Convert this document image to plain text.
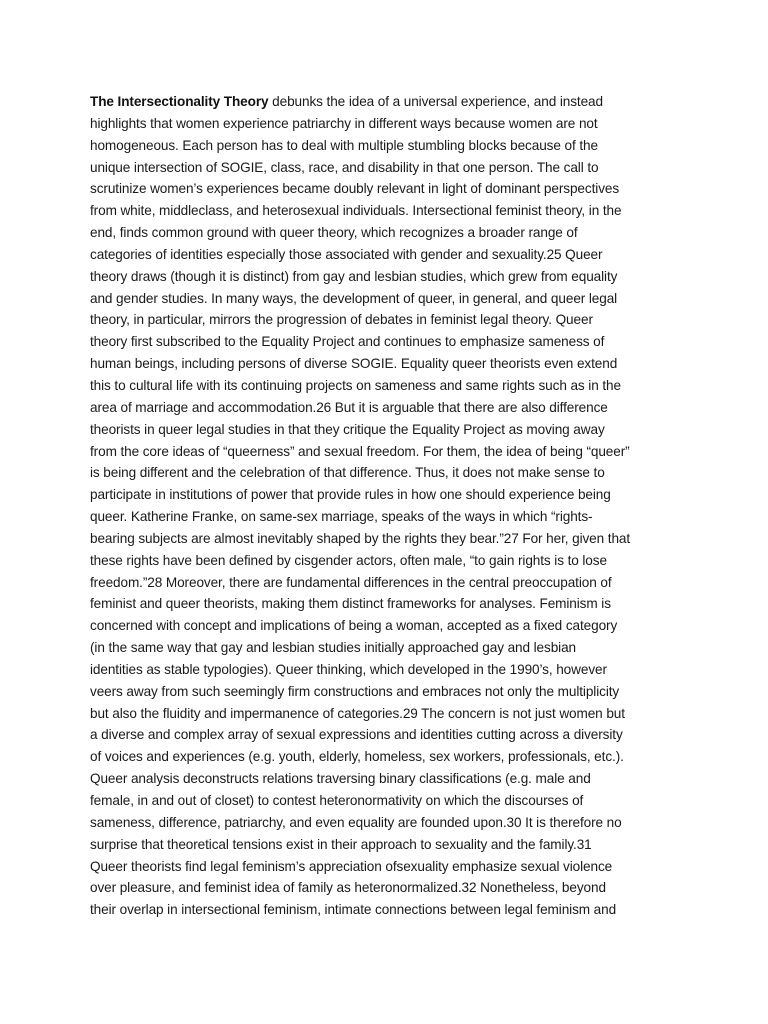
The Intersectionality Theory debunks the idea of a universal experience, and instead
highlights that women experience patriarchy in different ways because women are not
homogeneous. Each person has to deal with multiple stumbling blocks because of the
unique intersection of SOGIE, class, race, and disability in that one person. The call to
scrutinize women’s experiences became doubly relevant in light of dominant perspectives
from white, middleclass, and heterosexual individuals. Intersectional feminist theory, in the
end, finds common ground with queer theory, which recognizes a broader range of
categories of identities especially those associated with gender and sexuality.25 Queer
theory draws (though it is distinct) from gay and lesbian studies, which grew from equality
and gender studies. In many ways, the development of queer, in general, and queer legal
theory, in particular, mirrors the progression of debates in feminist legal theory. Queer
theory first subscribed to the Equality Project and continues to emphasize sameness of
human beings, including persons of diverse SOGIE. Equality queer theorists even extend
this to cultural life with its continuing projects on sameness and same rights such as in the
area of marriage and accommodation.26 But it is arguable that there are also difference
theorists in queer legal studies in that they critique the Equality Project as moving away
from the core ideas of “queerness” and sexual freedom. For them, the idea of being “queer”
is being different and the celebration of that difference. Thus, it does not make sense to
participate in institutions of power that provide rules in how one should experience being
queer. Katherine Franke, on same-sex marriage, speaks of the ways in which “rights-
bearing subjects are almost inevitably shaped by the rights they bear.”27 For her, given that
these rights have been defined by cisgender actors, often male, “to gain rights is to lose
freedom.”28 Moreover, there are fundamental differences in the central preoccupation of
feminist and queer theorists, making them distinct frameworks for analyses. Feminism is
concerned with concept and implications of being a woman, accepted as a fixed category
(in the same way that gay and lesbian studies initially approached gay and lesbian
identities as stable typologies). Queer thinking, which developed in the 1990’s, however
veers away from such seemingly firm constructions and embraces not only the multiplicity
but also the fluidity and impermanence of categories.29 The concern is not just women but
a diverse and complex array of sexual expressions and identities cutting across a diversity
of voices and experiences (e.g. youth, elderly, homeless, sex workers, professionals, etc.).
Queer analysis deconstructs relations traversing binary classifications (e.g. male and
female, in and out of closet) to contest heteronormativity on which the discourses of
sameness, difference, patriarchy, and even equality are founded upon.30 It is therefore no
surprise that theoretical tensions exist in their approach to sexuality and the family.31
Queer theorists find legal feminism’s appreciation ofsexuality emphasize sexual violence
over pleasure, and feminist idea of family as heteronormalized.32 Nonetheless, beyond
their overlap in intersectional feminism, intimate connections between legal feminism and
